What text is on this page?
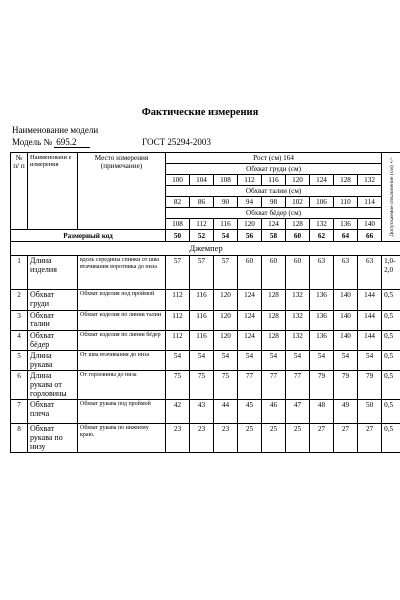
Фактические измерения
Наименование модели
Модель № 695.2	ГОСТ 25294-2003
№ п/ п	Наименовани е измерения	Место измерения (примечание)	Рост (см) 164									Допускаемое отклонение (см) +/-

			Обхват груди (см)									
			100	104	108	112	116	120	124	128	132	
			Обхват талии (см)									
			82	86	90	94	98	102	106	110	114	
			Обхват бёдер (см)									
			108	112	116	120	124	128	132	136	140	
Размерный код			50	52	54	56	58	60	62	64	66	
Джемпер												
1	Длина изделия	вдоль середины спинки от шва втачивания воротника до низа	57	57	57	60	60	60	63	63	63	1,0-2,0
2	Обхват груди	Обхват изделия под проймой	112	116	120	124	128	132	136	140	144	0,5
3	Обхват талии	Обхват изделия по линии талии	112	116	120	124	128	132	136	140	144	0,5
4	Обхват бёдер	Обхват изделия по линии бёдер	112	116	120	124	128	132	136	140	144	0,5
5	Длина рукава	От шва втачивания до низа	54	54	54	54	54	54	54	54	54	0,5
6	Длина рукава от горловины	От горловины до низа	75	75	75	77	77	77	79	79	79	0,5
7	Обхват плеча	Обхват рукава под проймой	42	43	44	45	46	47	48	49	50	0,5
8	Обхват рукава по низу	Обхват рукава по нижнему краю.	23	23	23	25	25	25	27	27	27	0,5
